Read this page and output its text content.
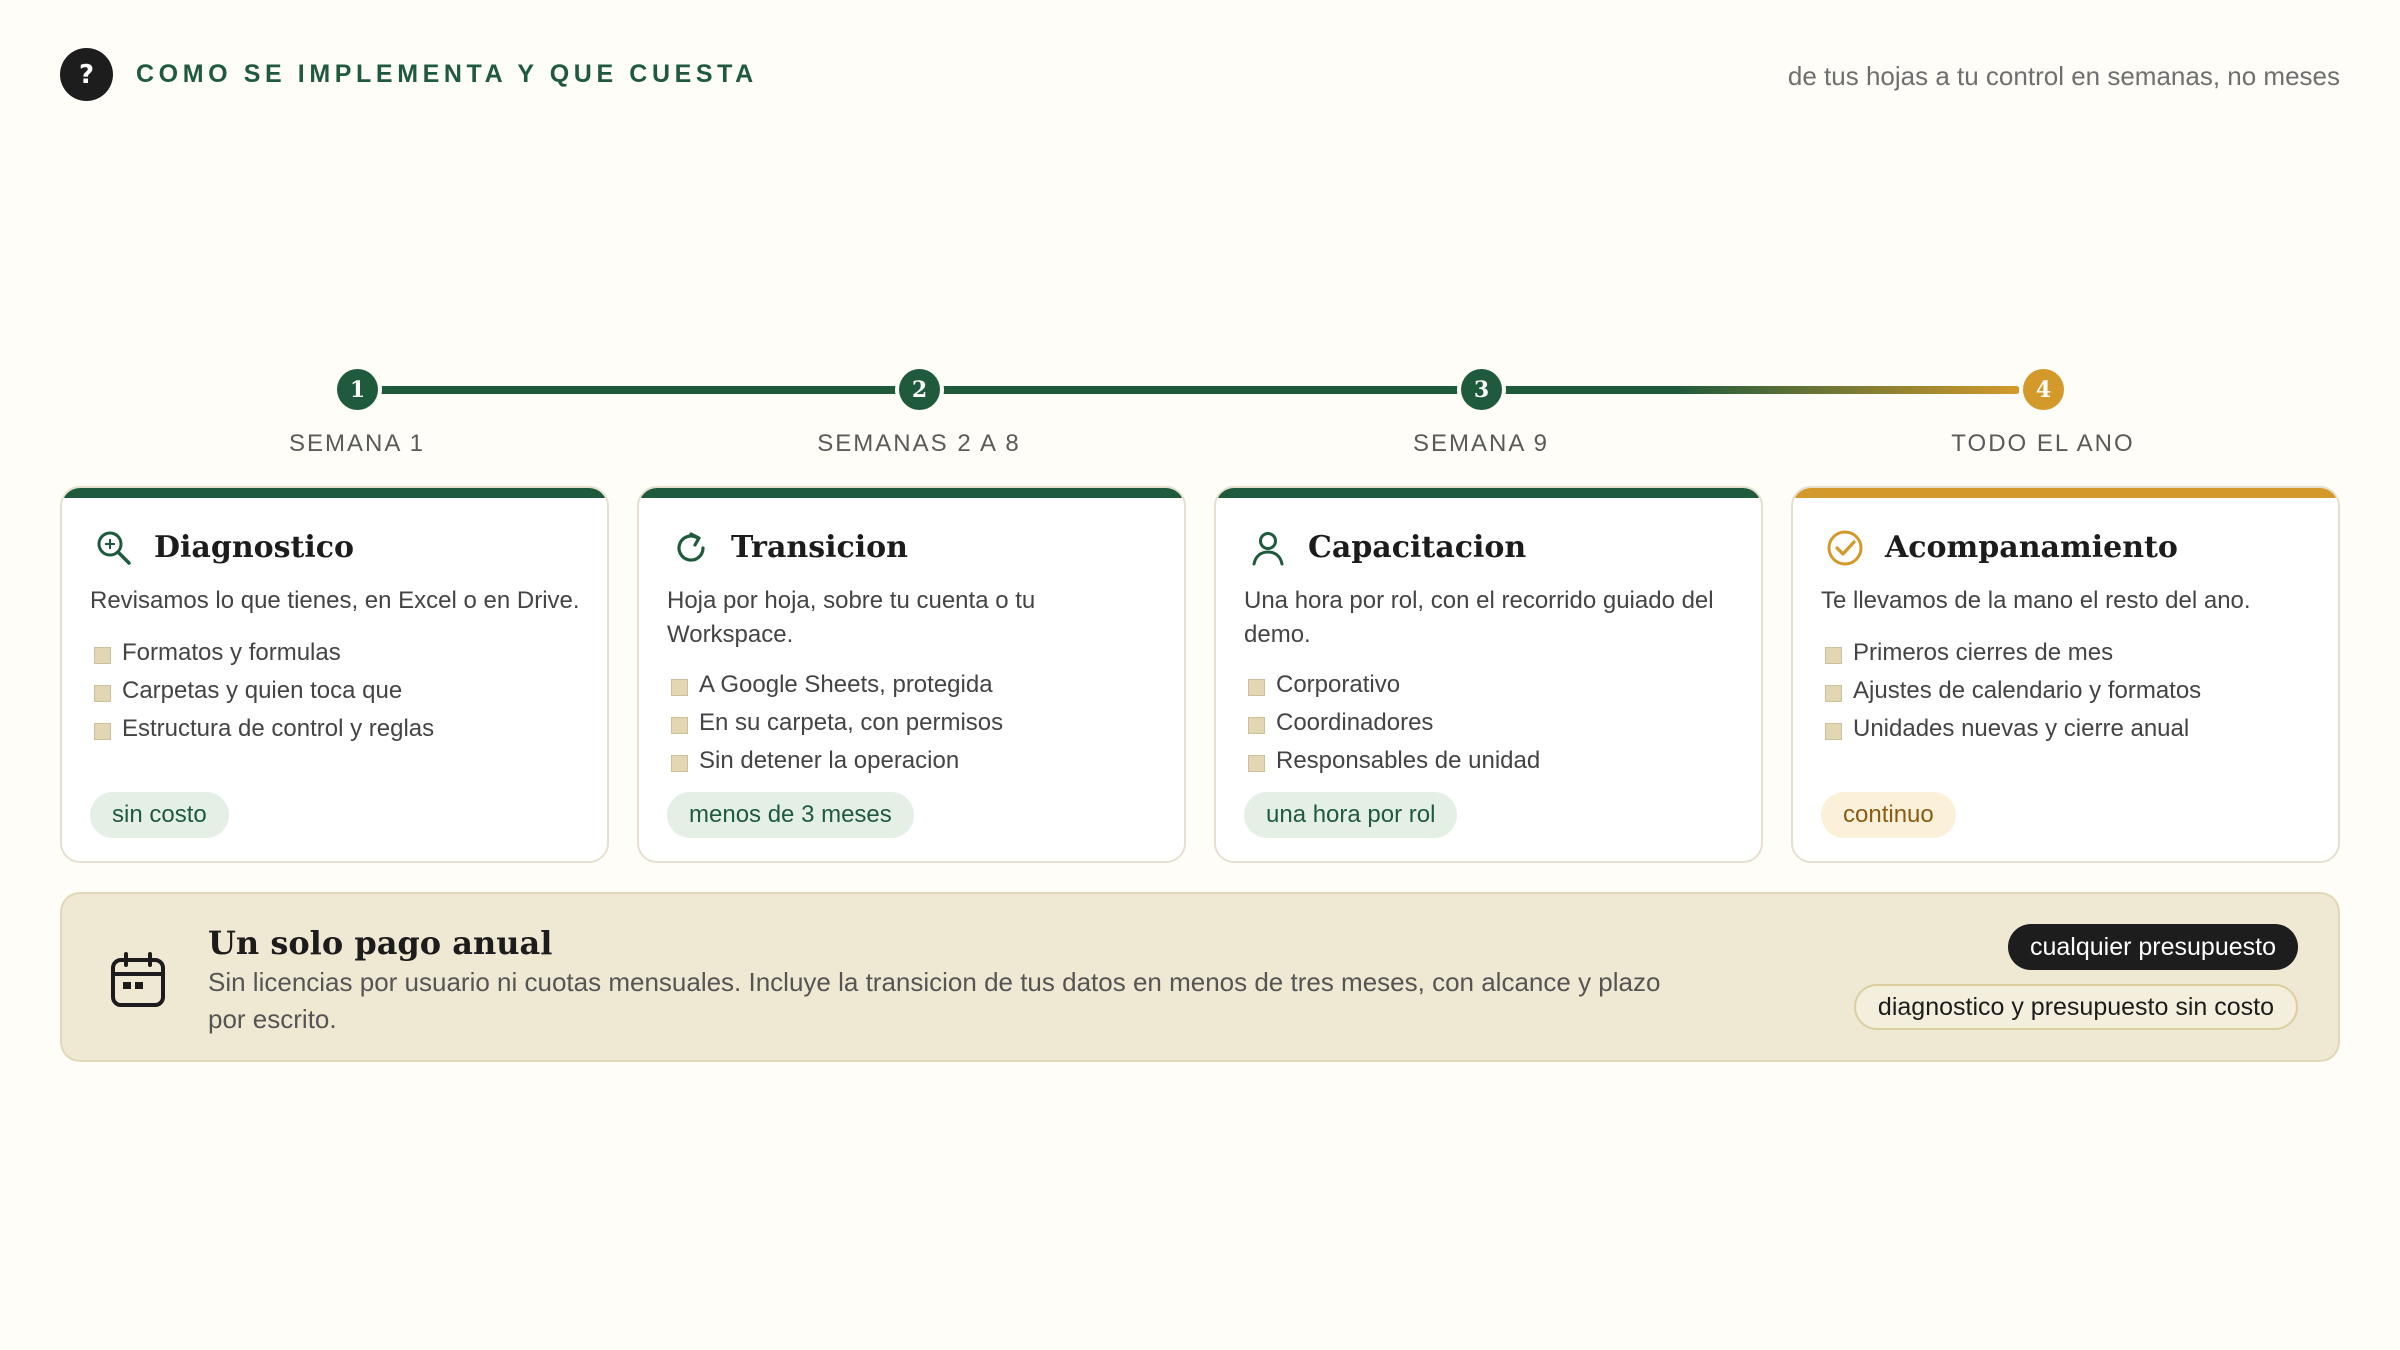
?	COMO SE IMPLEMENTA Y QUE CUESTA	de tus hojas a tu control en semanas, no meses
1	2	3	4
SEMANA 1	SEMANAS 2 A 8	SEMANA 9	TODO EL ANO
Diagnostico
Revisamos lo que tienes, en Excel o en Drive.
Formatos y formulas
Carpetas y quien toca que
Estructura de control y reglas
sin costo
Transicion
Hoja por hoja, sobre tu cuenta o tu Workspace.
A Google Sheets, protegida
En su carpeta, con permisos
Sin detener la operacion
menos de 3 meses
Capacitacion
Una hora por rol, con el recorrido guiado del demo.
Corporativo
Coordinadores
Responsables de unidad
una hora por rol
Acompanamiento
Te llevamos de la mano el resto del ano.
Primeros cierres de mes
Ajustes de calendario y formatos
Unidades nuevas y cierre anual
continuo
Un solo pago anual
Sin licencias por usuario ni cuotas mensuales. Incluye la transicion de tus datos en menos de tres meses, con alcance y plazo por escrito.
cualquier presupuesto
diagnostico y presupuesto sin costo
